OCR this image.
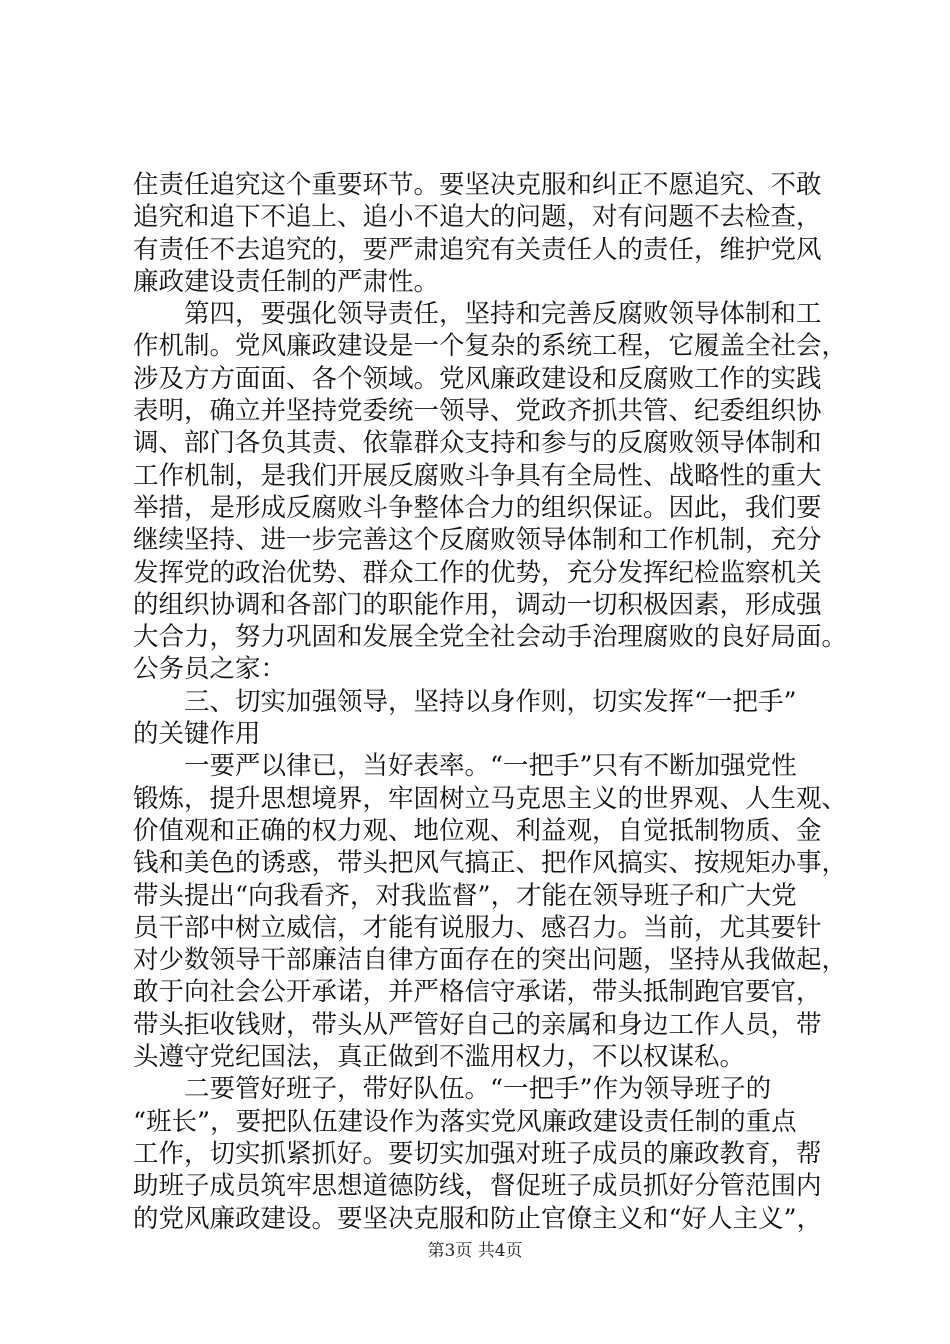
住责任追究这个重要环节。要坚决克服和纠正不愿追究、不敢
追究和追下不追上、追小不追大的问题，对有问题不去检查，
有责任不去追究的，要严肃追究有关责任人的责任，维护党风
廉政建设责任制的严肃性。
　　第四，要强化领导责任，坚持和完善反腐败领导体制和工
作机制。党风廉政建设是一个复杂的系统工程，它履盖全社会，
涉及方方面面、各个领域。党风廉政建设和反腐败工作的实践
表明，确立并坚持党委统一领导、党政齐抓共管、纪委组织协
调、部门各负其责、依靠群众支持和参与的反腐败领导体制和
工作机制，是我们开展反腐败斗争具有全局性、战略性的重大
举措，是形成反腐败斗争整体合力的组织保证。因此，我们要
继续坚持、进一步完善这个反腐败领导体制和工作机制，充分
发挥党的政治优势、群众工作的优势，充分发挥纪检监察机关
的组织协调和各部门的职能作用，调动一切积极因素，形成强
大合力，努力巩固和发展全党全社会动手治理腐败的良好局面。
公务员之家：
　　三、切实加强领导，坚持以身作则，切实发挥“一把手”
的关键作用
　　一要严以律已，当好表率。“一把手”只有不断加强党性
锻炼，提升思想境界，牢固树立马克思主义的世界观、人生观、
价值观和正确的权力观、地位观、利益观，自觉抵制物质、金
钱和美色的诱惑，带头把风气搞正、把作风搞实、按规矩办事，
带头提出“向我看齐，对我监督”，才能在领导班子和广大党
员干部中树立威信，才能有说服力、感召力。当前，尤其要针
对少数领导干部廉洁自律方面存在的突出问题，坚持从我做起，
敢于向社会公开承诺，并严格信守承诺，带头抵制跑官要官，
带头拒收钱财，带头从严管好自己的亲属和身边工作人员，带
头遵守党纪国法，真正做到不滥用权力，不以权谋私。
　　二要管好班子，带好队伍。“一把手”作为领导班子的
“班长”，要把队伍建设作为落实党风廉政建设责任制的重点
工作，切实抓紧抓好。要切实加强对班子成员的廉政教育，帮
助班子成员筑牢思想道德防线，督促班子成员抓好分管范围内
的党风廉政建设。要坚决克服和防止官僚主义和“好人主义”，
第3页 共4页
